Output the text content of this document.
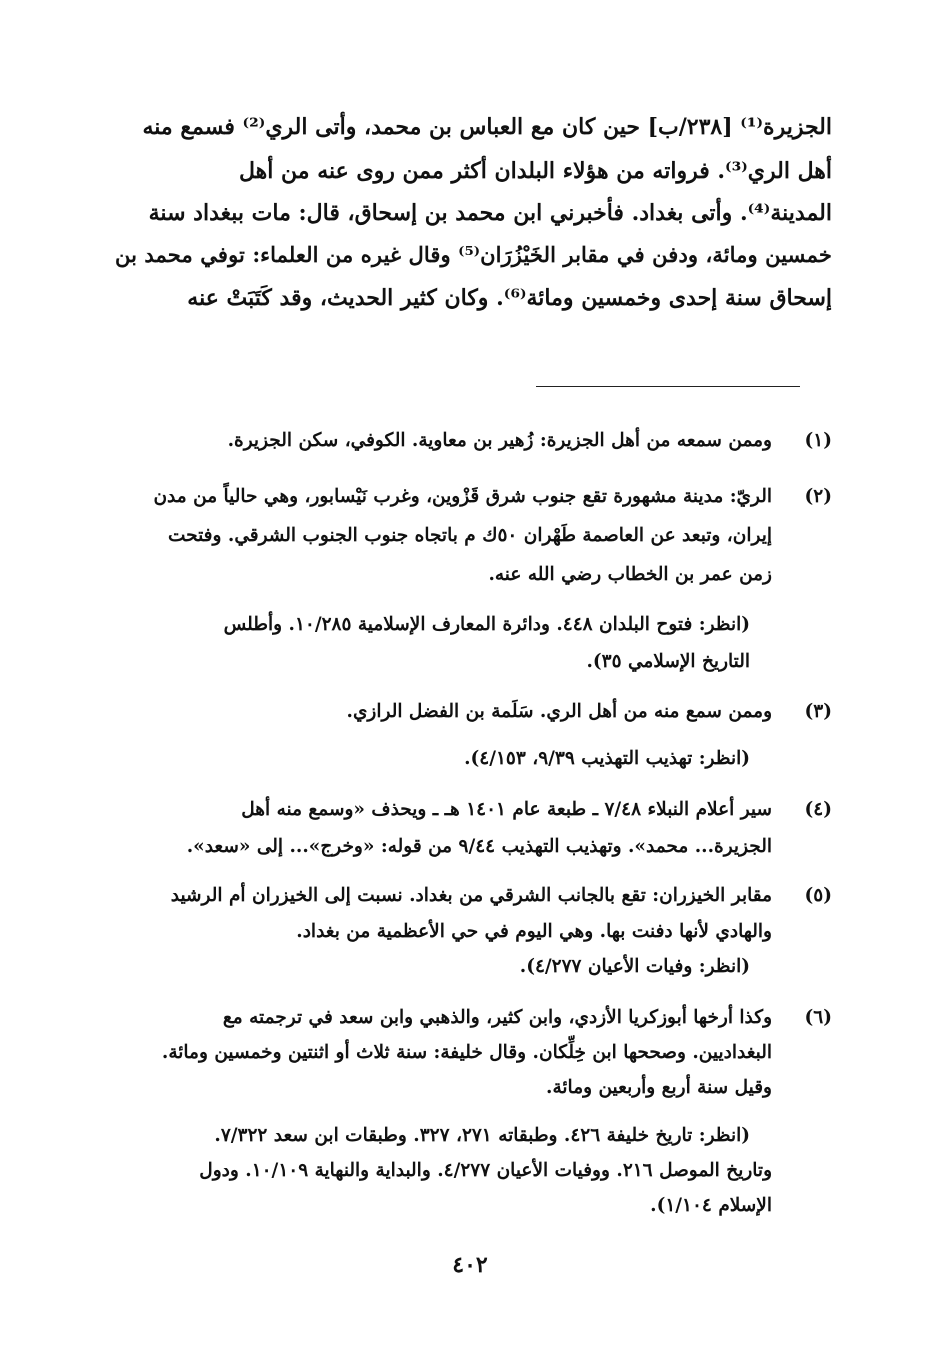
الجزيرة⁽¹⁾ [٢٣٨/ب] حين كان مع العباس بن محمد، وأتى الري⁽²⁾ فسمع منه
أهل الري⁽³⁾. فرواته من هؤلاء البلدان أكثر ممن روى عنه من أهل
المدينة⁽⁴⁾. وأتى بغداد. فأخبرني ابن محمد بن إسحاق، قال: مات ببغداد سنة
خمسين ومائة، ودفن في مقابر الخَيْزُرَان⁽⁵⁾ وقال غيره من العلماء: توفي محمد بن
إسحاق سنة إحدى وخمسين ومائة⁽⁶⁾. وكان كثير الحديث، وقد كَتَبَتْ عنه
(١)
وممن سمعه من أهل الجزيرة: زُهير بن معاوية. الكوفي، سكن الجزيرة.
(٢)
الريّ: مدينة مشهورة تقع جنوب شرق قَزْوين، وغرب نَيْسابور، وهي حالياً من مدن
إيران، وتبعد عن العاصمة طَهْران ٥٠ك م باتجاه جنوب الجنوب الشرقي. وفتحت
زمن عمر بن الخطاب رضي الله عنه.
(انظر: فتوح البلدان ٤٤٨. ودائرة المعارف الإسلامية ١٠/٢٨٥. وأطلس
التاريخ الإسلامي ٣٥).
(٣)
وممن سمع منه من أهل الري. سَلَمة بن الفضل الرازي.
(انظر: تهذيب التهذيب ٩/٣٩، ٤/١٥٣).
(٤)
سير أعلام النبلاء ٧/٤٨ ـ طبعة عام ١٤٠١ هـ ـ ويحذف «وسمع منه أهل
الجزيرة... محمد». وتهذيب التهذيب ٩/٤٤ من قوله: «وخرج»... إلى «سعد».
(٥)
مقابر الخيزران: تقع بالجانب الشرقي من بغداد. نسبت إلى الخيزران أم الرشيد
والهادي لأنها دفنت بها. وهي اليوم في حي الأعظمية من بغداد.
(انظر: وفيات الأعيان ٤/٢٧٧).
(٦)
وكذا أرخها أبوزكريا الأزدي، وابن كثير، والذهبي وابن سعد في ترجمته مع
البغداديين. وصححها ابن خِلِّكان. وقال خليفة: سنة ثلاث أو اثنتين وخمسين ومائة.
وقيل سنة أربع وأربعين ومائة.
(انظر: تاريخ خليفة ٤٢٦. وطبقاته ٢٧١، ٣٢٧. وطبقات ابن سعد ٧/٣٢٢.
وتاريخ الموصل ٢١٦. ووفيات الأعيان ٤/٢٧٧. والبداية والنهاية ١٠/١٠٩. ودول
الإسلام ١/١٠٤).
٤٠٢
